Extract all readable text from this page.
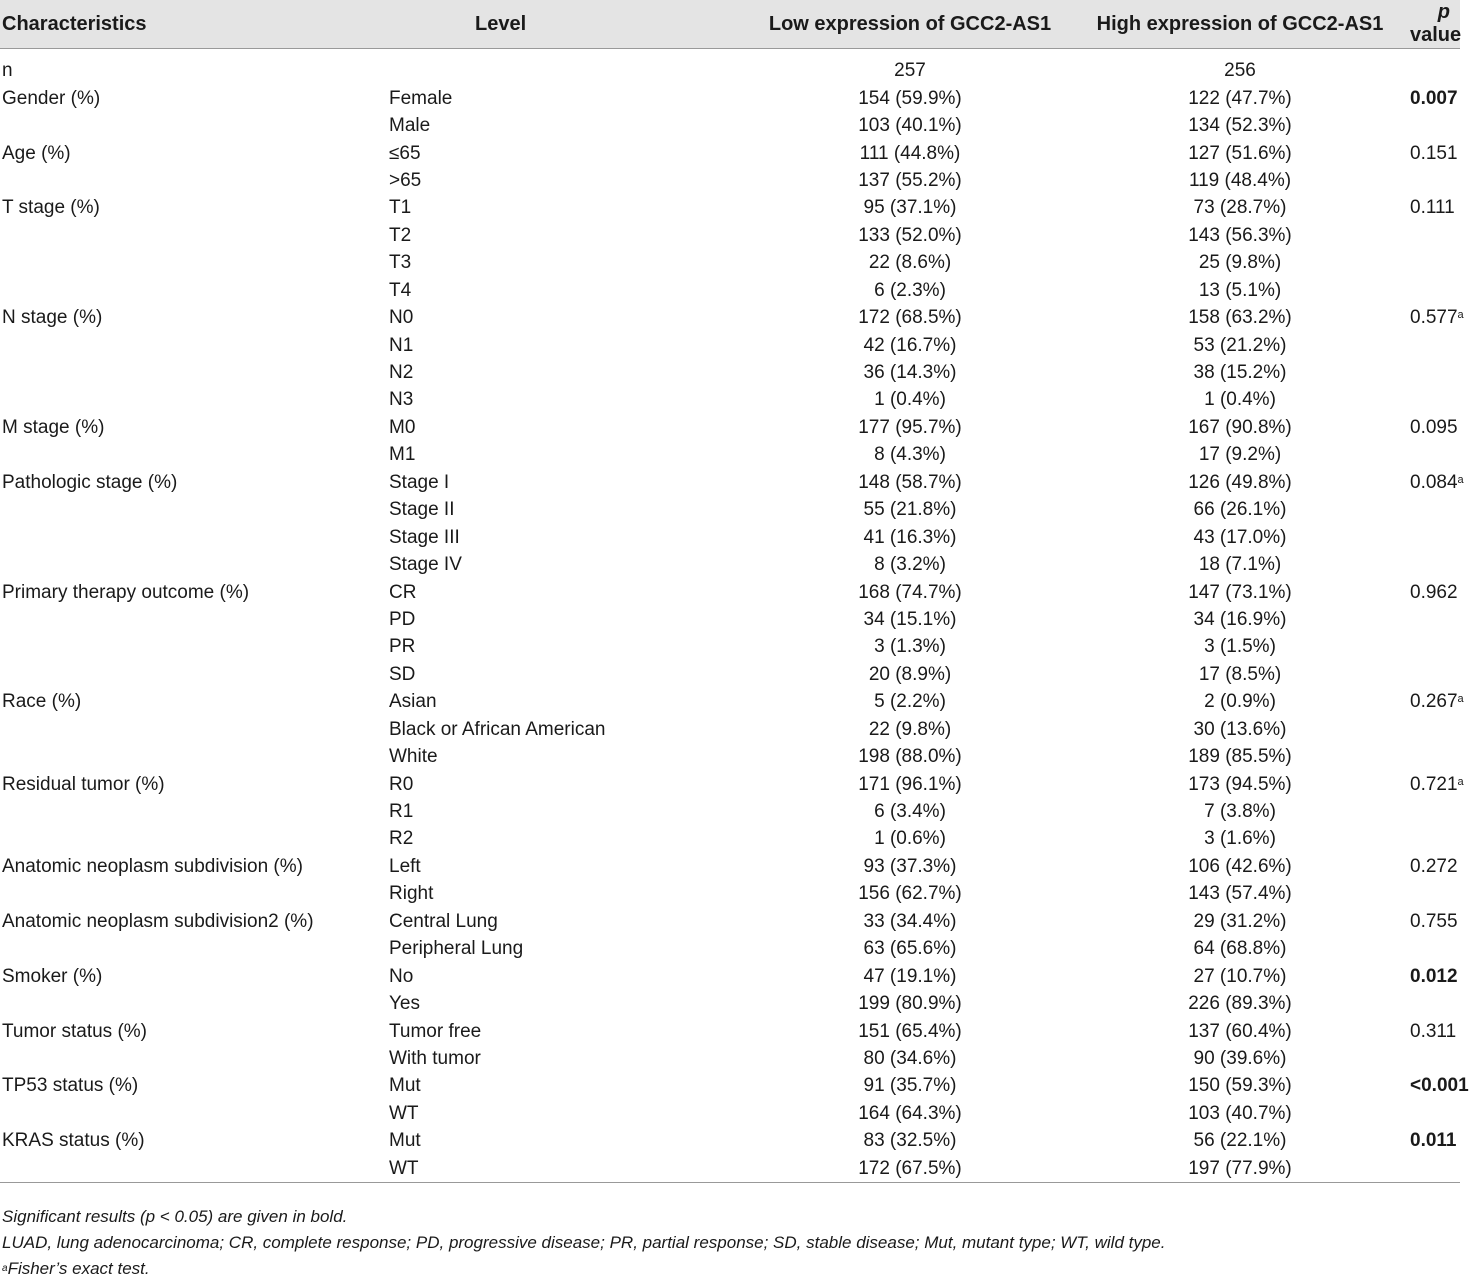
Characteristics	Level	Low expression of GCC2-AS1	High expression of GCC2-AS1	p value
n		257	256	
Gender (%)	Female	154 (59.9%)	122 (47.7%)	0.007
	Male	103 (40.1%)	134 (52.3%)	
Age (%)	≤65	111 (44.8%)	127 (51.6%)	0.151
	>65	137 (55.2%)	119 (48.4%)	
T stage (%)	T1	95 (37.1%)	73 (28.7%)	0.111
	T2	133 (52.0%)	143 (56.3%)	
	T3	22 (8.6%)	25 (9.8%)	
	T4	6 (2.3%)	13 (5.1%)	
N stage (%)	N0	172 (68.5%)	158 (63.2%)	0.577$^a$
	N1	42 (16.7%)	53 (21.2%)	
	N2	36 (14.3%)	38 (15.2%)	
	N3	1 (0.4%)	1 (0.4%)	
M stage (%)	M0	177 (95.7%)	167 (90.8%)	0.095
	M1	8 (4.3%)	17 (9.2%)	
Pathologic stage (%)	Stage I	148 (58.7%)	126 (49.8%)	0.084$^a$
	Stage II	55 (21.8%)	66 (26.1%)	
	Stage III	41 (16.3%)	43 (17.0%)	
	Stage IV	8 (3.2%)	18 (7.1%)	
Primary therapy outcome (%)	CR	168 (74.7%)	147 (73.1%)	0.962
	PD	34 (15.1%)	34 (16.9%)	
	PR	3 (1.3%)	3 (1.5%)	
	SD	20 (8.9%)	17 (8.5%)	
Race (%)	Asian	5 (2.2%)	2 (0.9%)	0.267$^a$
	Black or African American	22 (9.8%)	30 (13.6%)	
	White	198 (88.0%)	189 (85.5%)	
Residual tumor (%)	R0	171 (96.1%)	173 (94.5%)	0.721$^a$
	R1	6 (3.4%)	7 (3.8%)	
	R2	1 (0.6%)	3 (1.6%)	
Anatomic neoplasm subdivision (%)	Left	93 (37.3%)	106 (42.6%)	0.272
	Right	156 (62.7%)	143 (57.4%)	
Anatomic neoplasm subdivision2 (%)	Central Lung	33 (34.4%)	29 (31.2%)	0.755
	Peripheral Lung	63 (65.6%)	64 (68.8%)	
Smoker (%)	No	47 (19.1%)	27 (10.7%)	0.012
	Yes	199 (80.9%)	226 (89.3%)	
Tumor status (%)	Tumor free	151 (65.4%)	137 (60.4%)	0.311
	With tumor	80 (34.6%)	90 (39.6%)	
TP53 status (%)	Mut	91 (35.7%)	150 (59.3%)	<0.001
	WT	164 (64.3%)	103 (40.7%)	
KRAS status (%)	Mut	83 (32.5%)	56 (22.1%)	0.011
	WT	172 (67.5%)	197 (77.9%)	
Significant results (p < 0.05) are given in bold.
LUAD, lung adenocarcinoma; CR, complete response; PD, progressive disease; PR, partial response; SD, stable disease; Mut, mutant type; WT, wild type.
$^a$Fisher’s exact test.
